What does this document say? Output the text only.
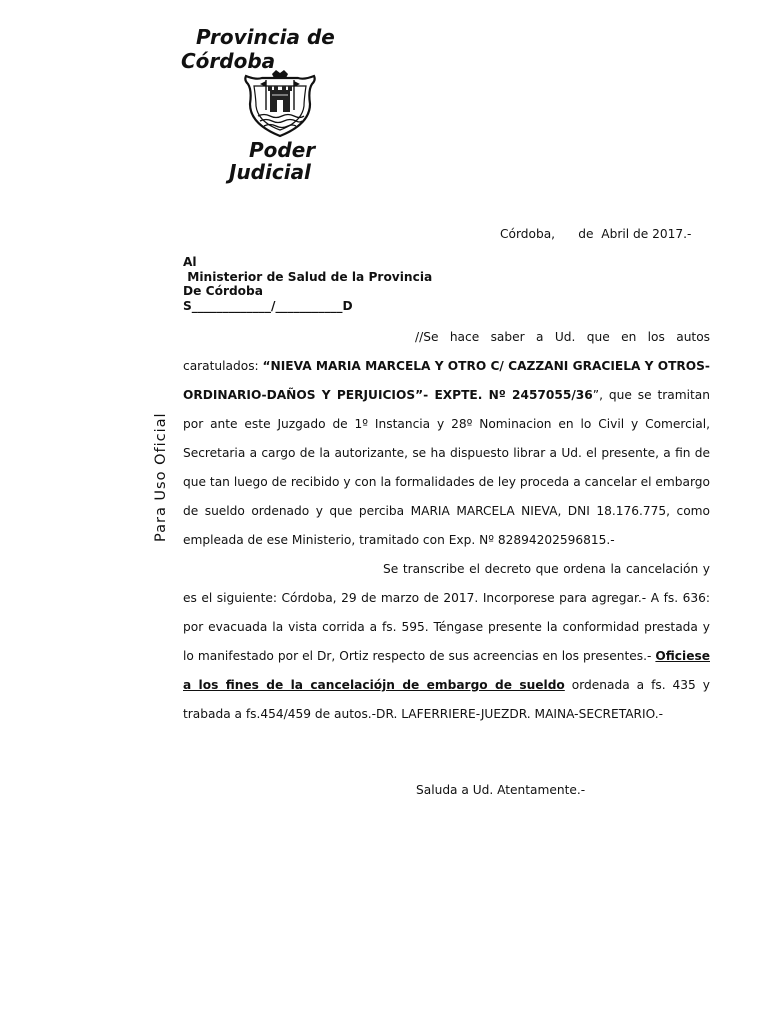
Provincia de
Córdoba
Poder
Judicial
Para Uso Oficial
Córdoba,      de  Abril de 2017.-
Al
Ministerior de Salud de la Provincia
De Córdoba
S_____________/___________D

//Se hace saber a Ud. que en los autos caratulados: “NIEVA MARIA MARCELA Y OTRO C/ CAZZANI GRACIELA Y OTROS-ORDINARIO-DAÑOS Y PERJUICIOS”- EXPTE. Nº 2457055/36”, que se tramitan por ante este Juzgado de 1º Instancia y 28º Nominacion en lo Civil y Comercial, Secretaria a cargo de la autorizante, se ha dispuesto librar a Ud. el presente, a fin de que tan luego de recibido y con la formalidades de ley proceda a cancelar el embargo de sueldo ordenado y que perciba MARIA MARCELA NIEVA, DNI 18.176.775, como empleada de ese Ministerio, tramitado con Exp. Nº 82894202596815.-

Se transcribe el decreto que ordena la cancelación y es el siguiente: Córdoba, 29 de marzo de 2017. Incorporese para agregar.- A fs. 636: por evacuada la vista corrida a fs. 595. Téngase presente la conformidad prestada y lo manifestado por el Dr, Ortiz respecto de sus acreencias en los presentes.- Oficiese a los fines de la cancelacióјn de embargo de sueldo ordenada a fs. 435 y trabada a fs.454/459 de autos.-DR. LAFERRIERE-JUEZDR. MAINA-SECRETARIO.-

Saluda a Ud. Atentamente.-
